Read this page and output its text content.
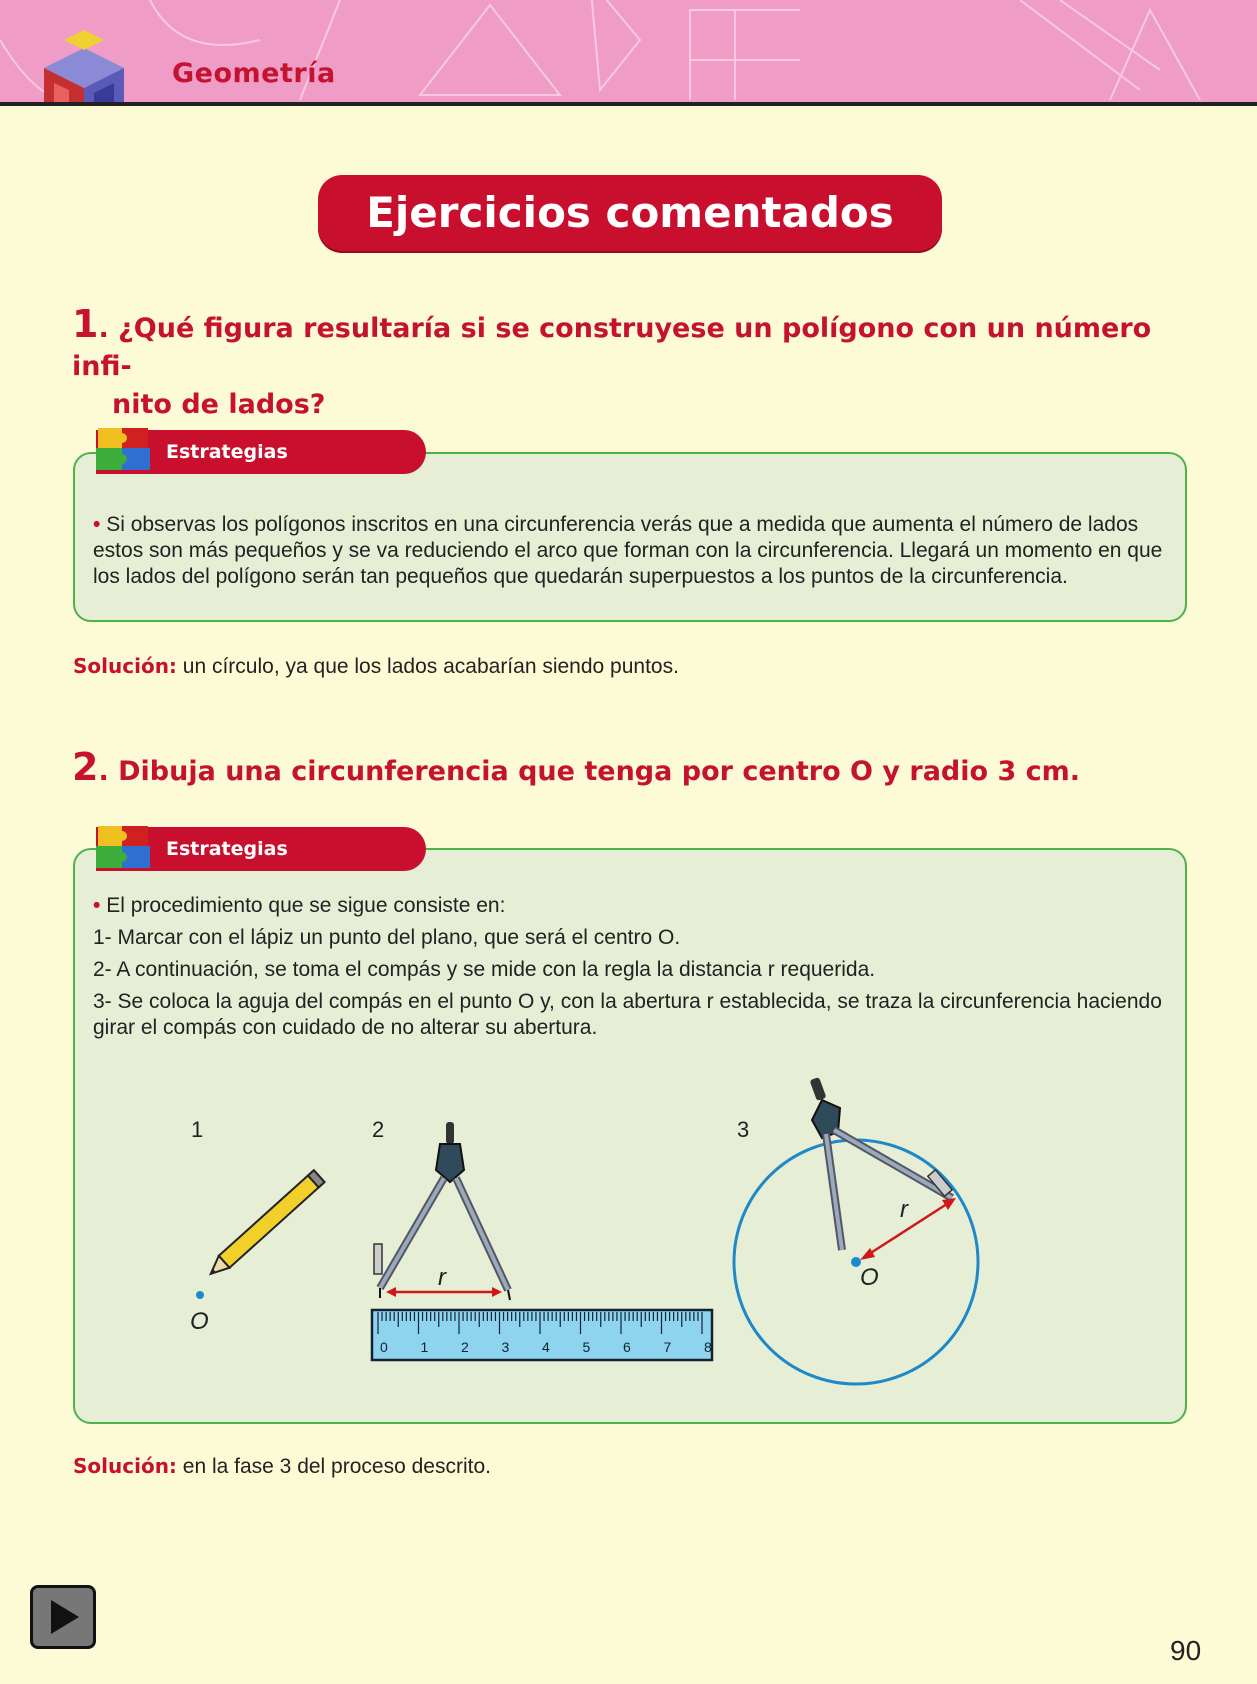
Geometría
Ejercicios comentados
1. ¿Qué figura resultaría si se construyese un polígono con un número infi-
nito de lados?
Estrategias

• Si observas los polígonos inscritos en una circunferencia verás que a medida que aumenta el número de lados estos son más pequeños y se va reduciendo el arco que forman con la circunferencia. Llegará un momento en que los lados del polígono serán tan pequeños que quedarán superpuestos a los puntos de la circunferencia.

Solución: un círculo, ya que los lados acabarían siendo puntos.
2. Dibuja una circunferencia que tenga por centro O y radio 3 cm.
Estrategias

• El procedimiento que se sigue consiste en:

1- Marcar con el lápiz un punto del plano, que será el centro O.

2- A continuación, se toma el compás y se mide con la regla la distancia r requerida.

3- Se coloca la aguja del compás en el punto O y, con la abertura r establecida, se traza la circunferencia haciendo girar el compás con cuidado de no alterar su abertura.

1	2	3
O
0 1 2 3 4 5 6 7 8
r
r
O
Solución: en la fase 3 del proceso descrito.
90
